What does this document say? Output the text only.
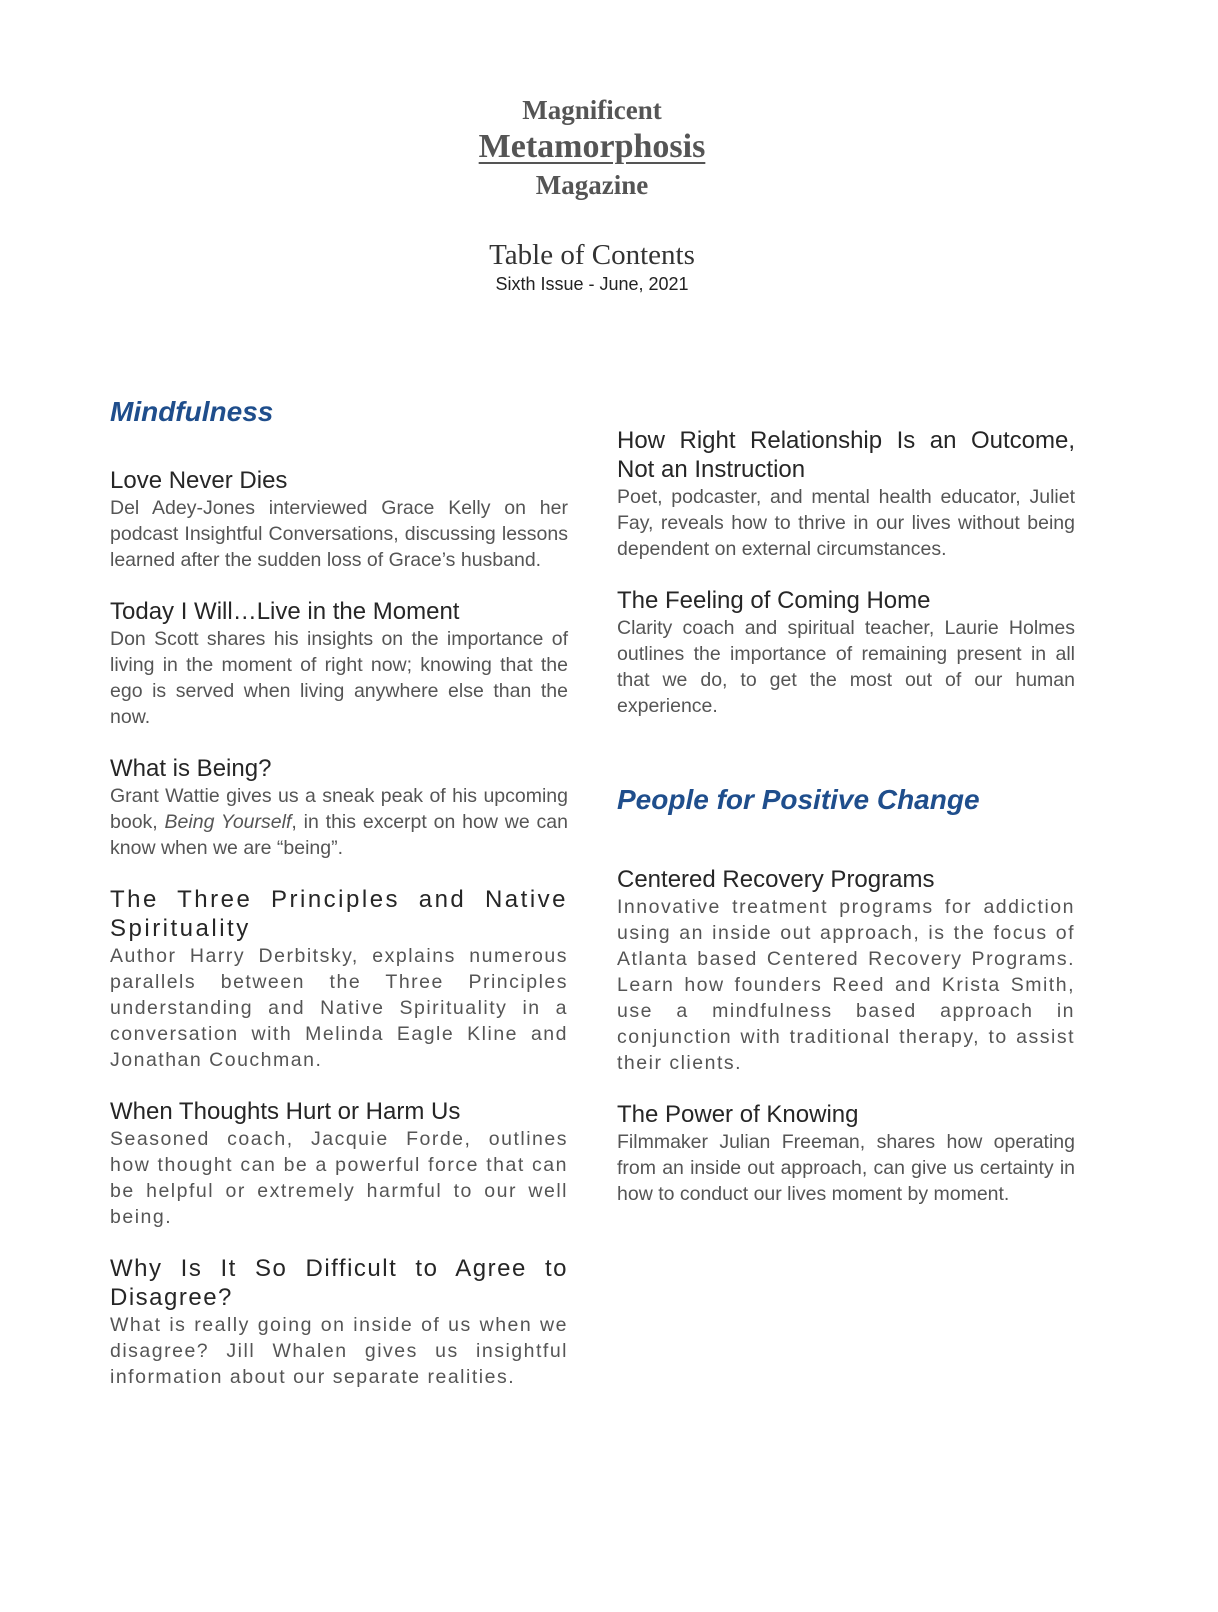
Magnificent
Metamorphosis
Magazine
Table of Contents
Sixth Issue - June, 2021
Mindfulness
Love Never Dies
Del Adey-Jones interviewed Grace Kelly on her podcast Insightful Conversations, discussing lessons learned after the sudden loss of Grace’s husband.
Today I Will…Live in the Moment
Don Scott shares his insights on the importance of living in the moment of right now; knowing that the ego is served when living anywhere else than the now.
What is Being?
Grant Wattie gives us a sneak peak of his upcoming book, Being Yourself, in this excerpt on how we can know when we are “being”.
The Three Principles and Native Spirituality
Author Harry Derbitsky, explains numerous parallels between the Three Principles understanding and Native Spirituality in a conversation with Melinda Eagle Kline and Jonathan Couchman.
When Thoughts Hurt or Harm Us
Seasoned coach, Jacquie Forde, outlines how thought can be a powerful force that can be helpful or extremely harmful to our well being.
Why Is It So Difficult to Agree to Disagree?
What is really going on inside of us when we disagree? Jill Whalen gives us insightful information about our separate realities.
How Right Relationship Is an Outcome, Not an Instruction
Poet, podcaster, and mental health educator, Juliet Fay, reveals how to thrive in our lives without being dependent on external circumstances.
The Feeling of Coming Home
Clarity coach and spiritual teacher, Laurie Holmes outlines the importance of remaining present in all that we do, to get the most out of our human experience.
People for Positive Change
Centered Recovery Programs
Innovative treatment programs for addiction using an inside out approach, is the focus of Atlanta based Centered Recovery Programs. Learn how founders Reed and Krista Smith, use a mindfulness based approach in conjunction with traditional therapy, to assist their clients.
The Power of Knowing
Filmmaker Julian Freeman, shares how operating from an inside out approach, can give us certainty in how to conduct our lives moment by moment.
